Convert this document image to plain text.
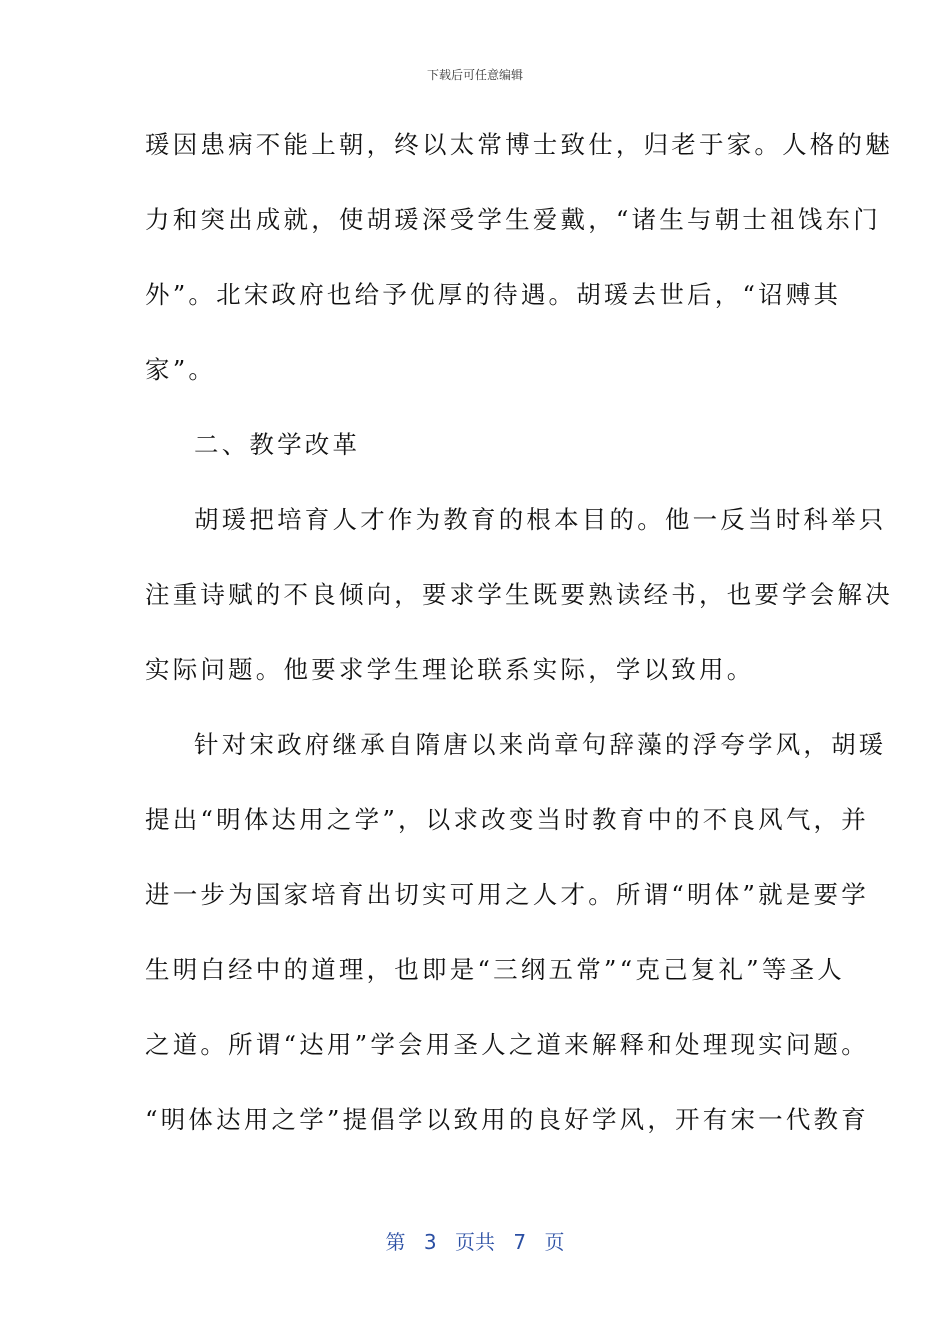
下载后可任意编辑
瑗因患病不能上朝，终以太常博士致仕，归老于家。人格的魅
力和突出成就，使胡瑗深受学生爱戴，“诸生与朝士祖饯东门
外”。北宋政府也给予优厚的待遇。胡瑗去世后，“诏赙其
家”。
二、教学改革
胡瑗把培育人才作为教育的根本目的。他一反当时科举只
注重诗赋的不良倾向，要求学生既要熟读经书，也要学会解决
实际问题。他要求学生理论联系实际，学以致用。
针对宋政府继承自隋唐以来尚章句辞藻的浮夸学风，胡瑗
提出“明体达用之学”，以求改变当时教育中的不良风气，并
进一步为国家培育出切实可用之人才。所谓“明体”就是要学
生明白经中的道理，也即是“三纲五常”“克己复礼”等圣人
之道。所谓“达用”学会用圣人之道来解释和处理现实问题。
“明体达用之学”提倡学以致用的良好学风，开有宋一代教育
第 3 页共 7 页
